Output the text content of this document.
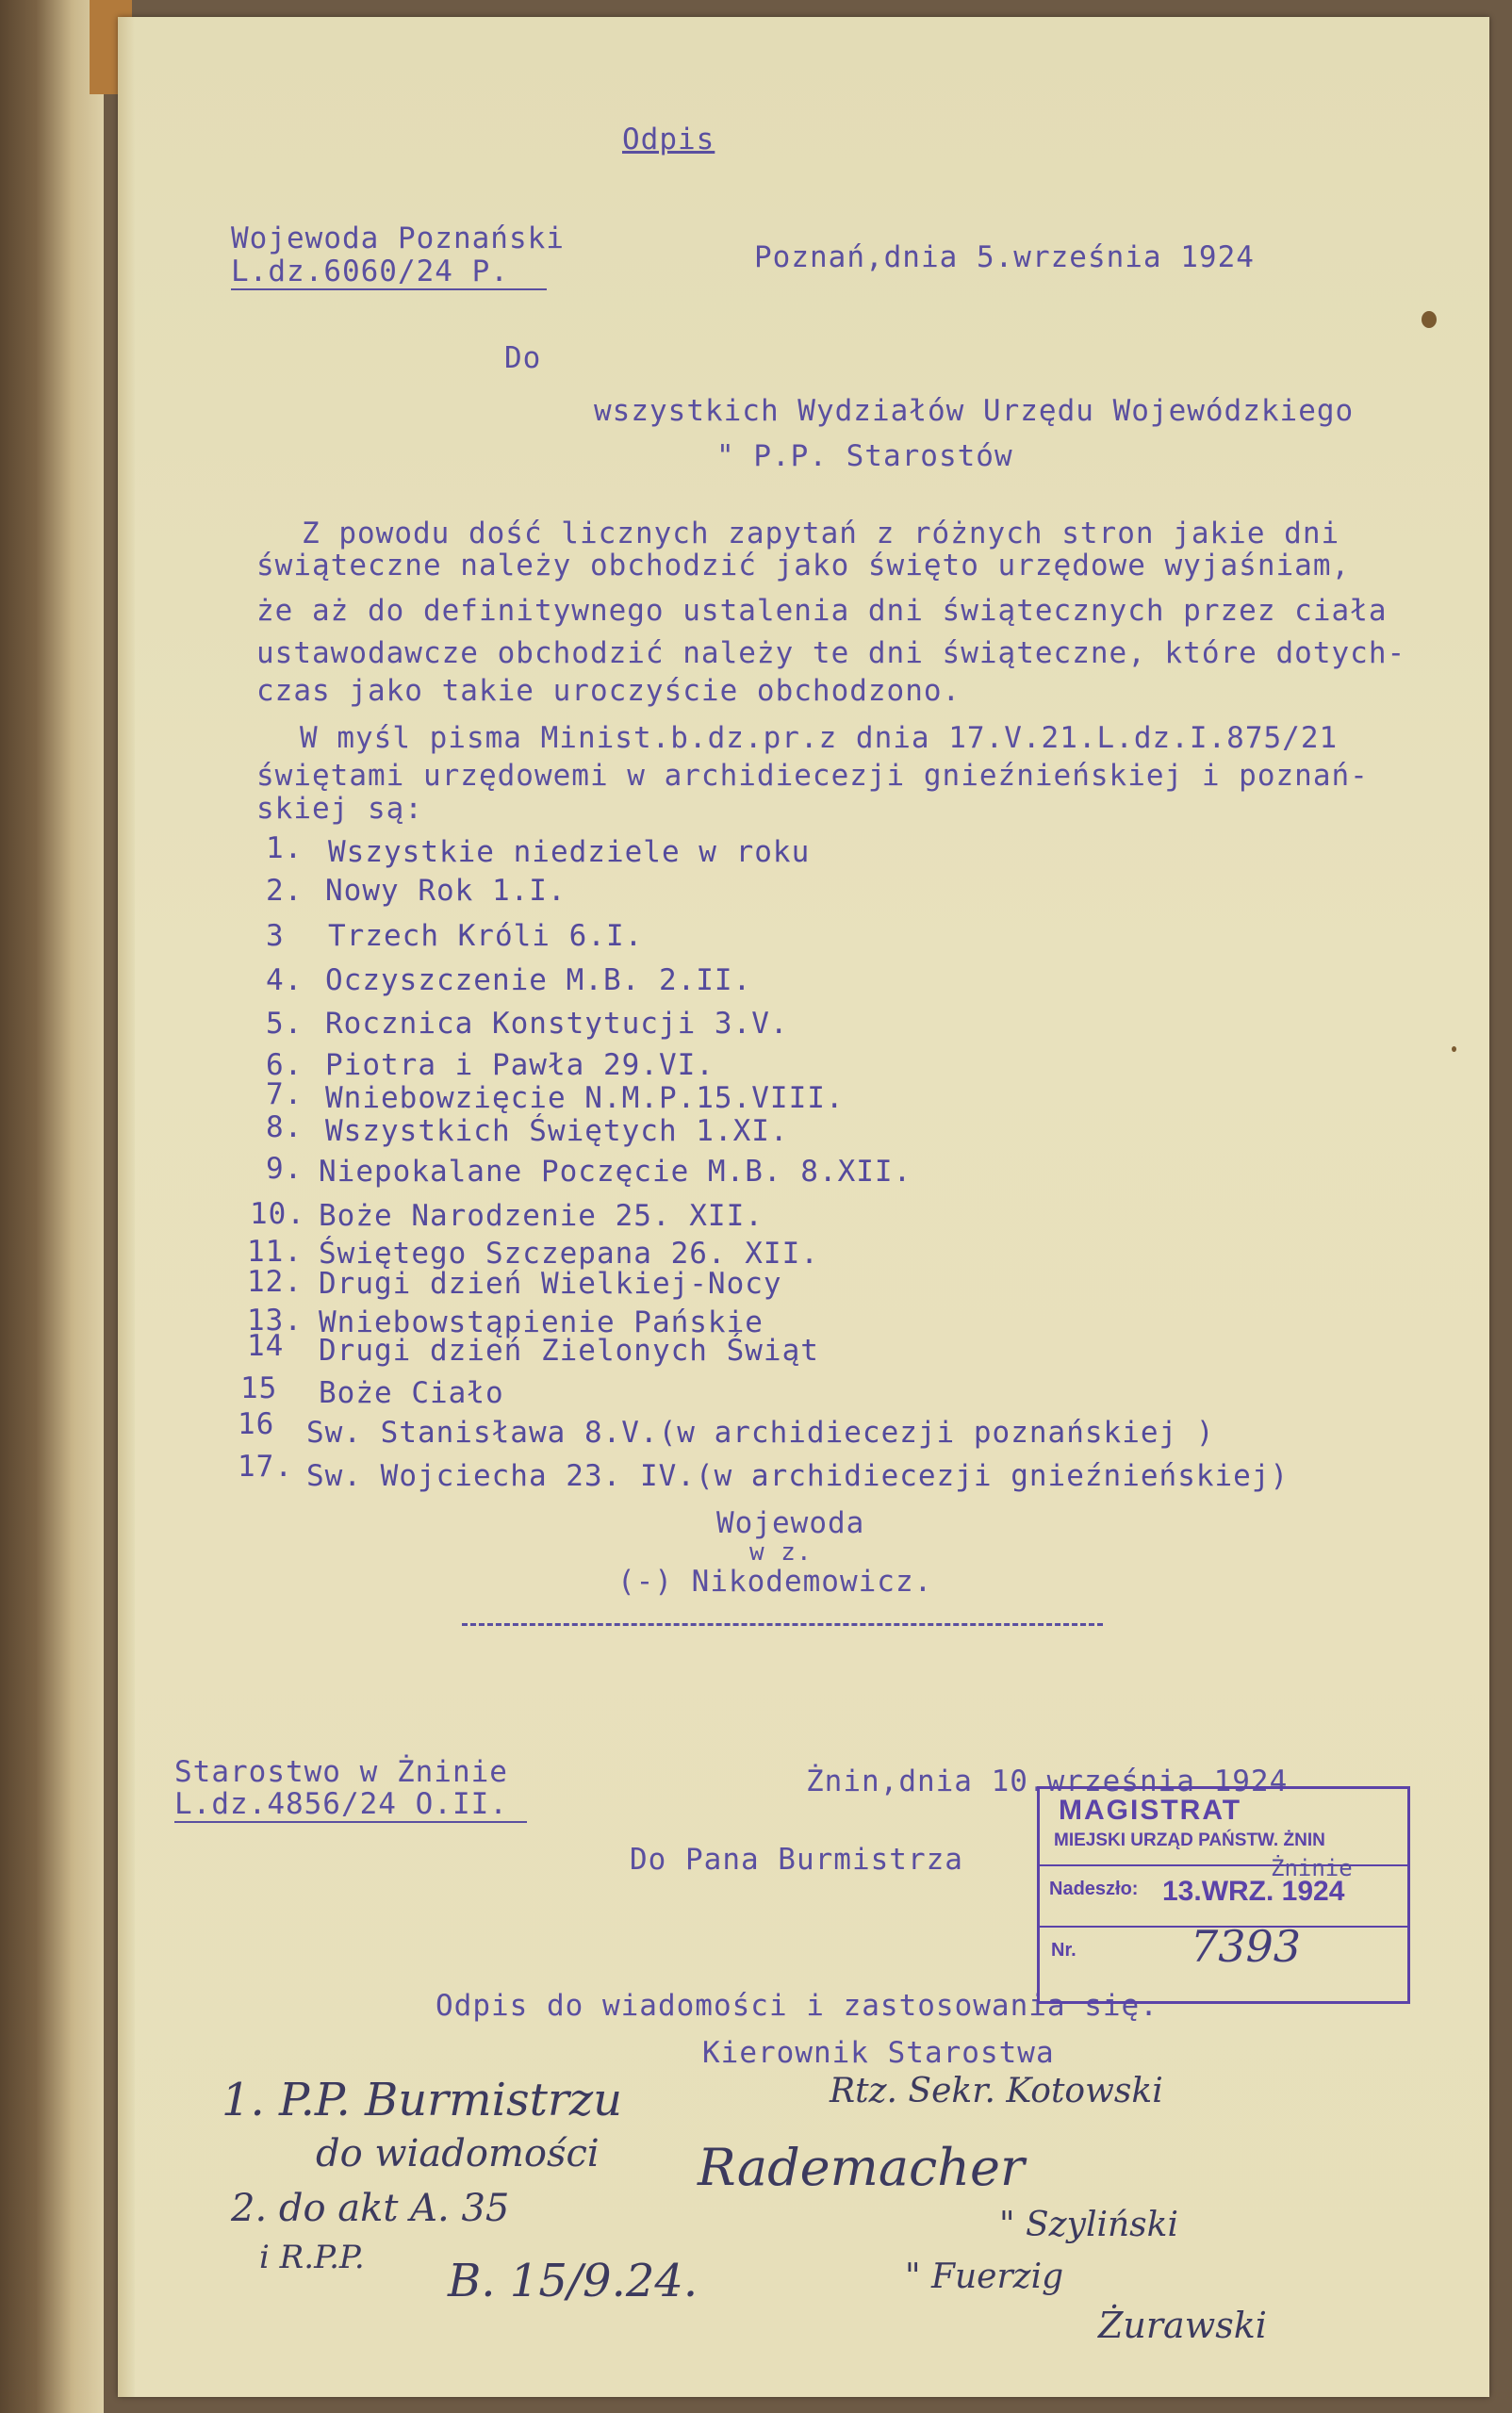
Odpis
Wojewoda Poznański
L.dz.6060/24 P.	Poznań,dnia 5.września 1924
Do
wszystkich Wydziałów Urzędu Wojewódzkiego
" P.P. Starostów
Z powodu dość licznych zapytań z różnych stron jakie dni
świąteczne należy obchodzić jako święto urzędowe wyjaśniam,
że aż do definitywnego ustalenia dni świątecznych przez ciała
ustawodawcze obchodzić należy te dni świąteczne, które dotych-
czas jako takie uroczyście obchodzono.
W myśl pisma Minist.b.dz.pr.z dnia 17.V.21.L.dz.I.875/21
świętami urzędowemi w archidiecezji gnieźnieńskiej i poznań-
skiej są:
1. Wszystkie niedziele w roku
2. Nowy Rok 1.I.
3 Trzech Króli 6.I.
4. Oczyszczenie M.B. 2.II.
5. Rocznica Konstytucji 3.V.
6. Piotra i Pawła 29.VI.
7. Wniebowzięcie N.M.P.15.VIII.
8. Wszystkich Świętych 1.XI.
9. Niepokalane Poczęcie M.B. 8.XII.
10. Boże Narodzenie 25. XII.
11. Świętego Szczepana 26. XII.
12. Drugi dzień Wielkiej-Nocy
13. Wniebowstąpienie Pańskie
14 Drugi dzień Zielonych Świąt
15 Boże Ciało
16 Sw. Stanisława 8.V.(w archidiecezji poznańskiej )
17. Sw. Wojciecha 23. IV.(w archidiecezji gnieźnieńskiej)
Wojewoda
w z.
(-) Nikodemowicz.
Starostwo w Żninie
L.dz.4856/24 O.II.
Żnin,dnia 10.września 1924
Do Pana Burmistrza
Odpis do wiadomości i zastosowania się.
Kierownik Starostwa
MAGISTRAT
MIEJSKI URZĄD PAŃSTW. ŻNIN
Nadeszło: 13.WRZ. 1924
Nr.	7393
Żninie
1. P.P. Burmistrzu
do wiadomości
2. do akt A. 35
i R.P.P. B. 15/9.24.
Rtz. Sekr. Kotowski
Rademacher
" Szyliński
" Fuerzig
Żurawski
